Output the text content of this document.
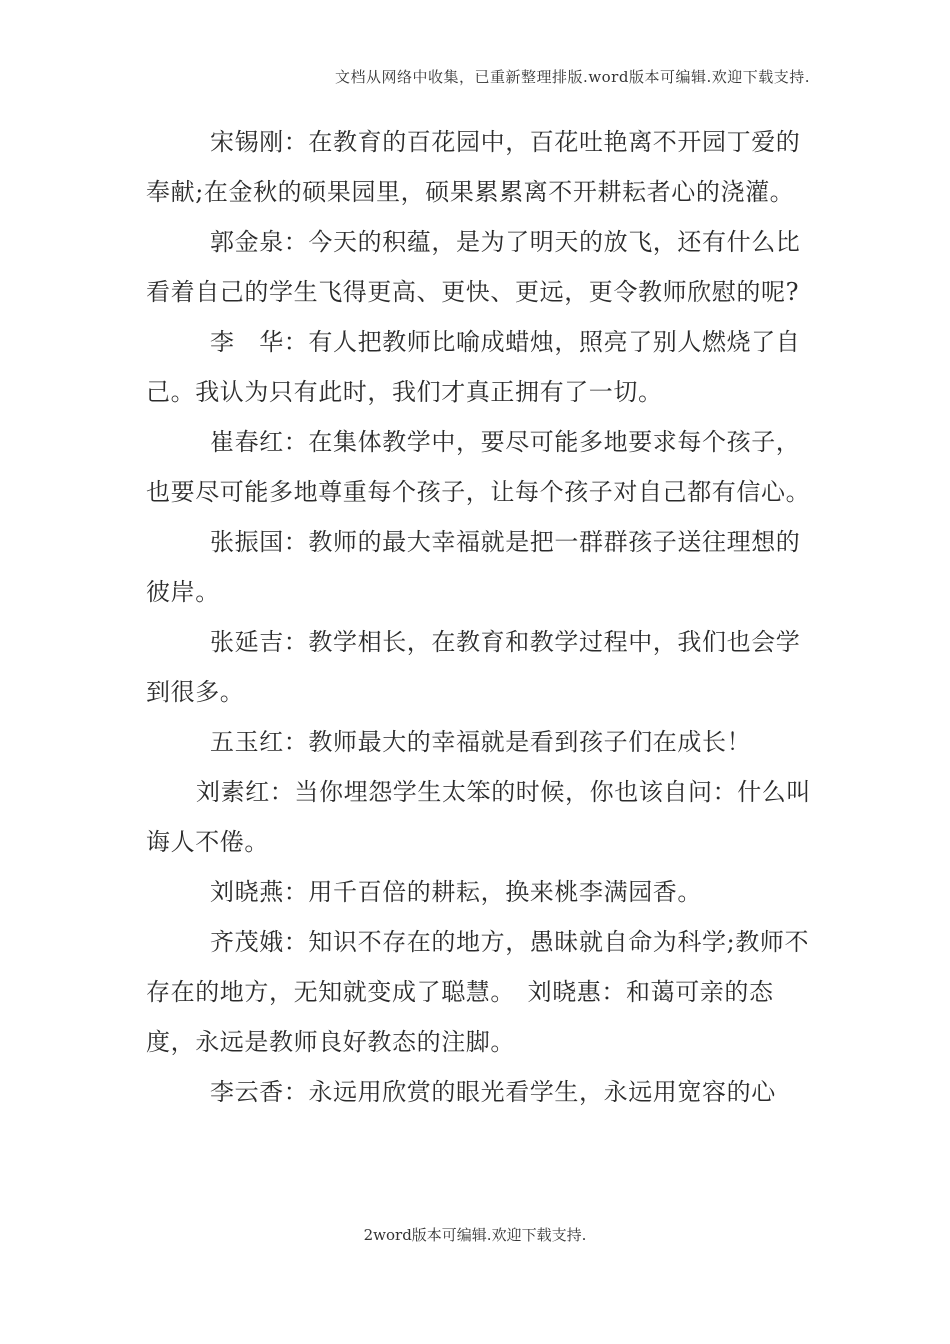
文档从网络中收集，已重新整理排版.word版本可编辑.欢迎下载支持.

宋锡刚：在教育的百花园中，百花吐艳离不开园丁爱的奉献;在金秋的硕果园里，硕果累累离不开耕耘者心的浇灌。

郭金泉：今天的积蕴，是为了明天的放飞，还有什么比看着自己的学生飞得更高、更快、更远，更令教师欣慰的呢?

李　华：有人把教师比喻成蜡烛，照亮了别人燃烧了自己。我认为只有此时，我们才真正拥有了一切。

崔春红：在集体教学中，要尽可能多地要求每个孩子，也要尽可能多地尊重每个孩子，让每个孩子对自己都有信心。

张振国：教师的最大幸福就是把一群群孩子送往理想的彼岸。

张延吉：教学相长，在教育和教学过程中，我们也会学到很多。

五玉红：教师最大的幸福就是看到孩子们在成长！

刘素红：当你埋怨学生太笨的时候，你也该自问：什么叫诲人不倦。

刘晓燕：用千百倍的耕耘，换来桃李满园香。

齐茂娥：知识不存在的地方，愚昧就自命为科学;教师不存在的地方，无知就变成了聪慧。　刘晓惠：和蔼可亲的态度，永远是教师良好教态的注脚。

李云香：永远用欣赏的眼光看学生，永远用宽容的心

2word版本可编辑.欢迎下载支持.
